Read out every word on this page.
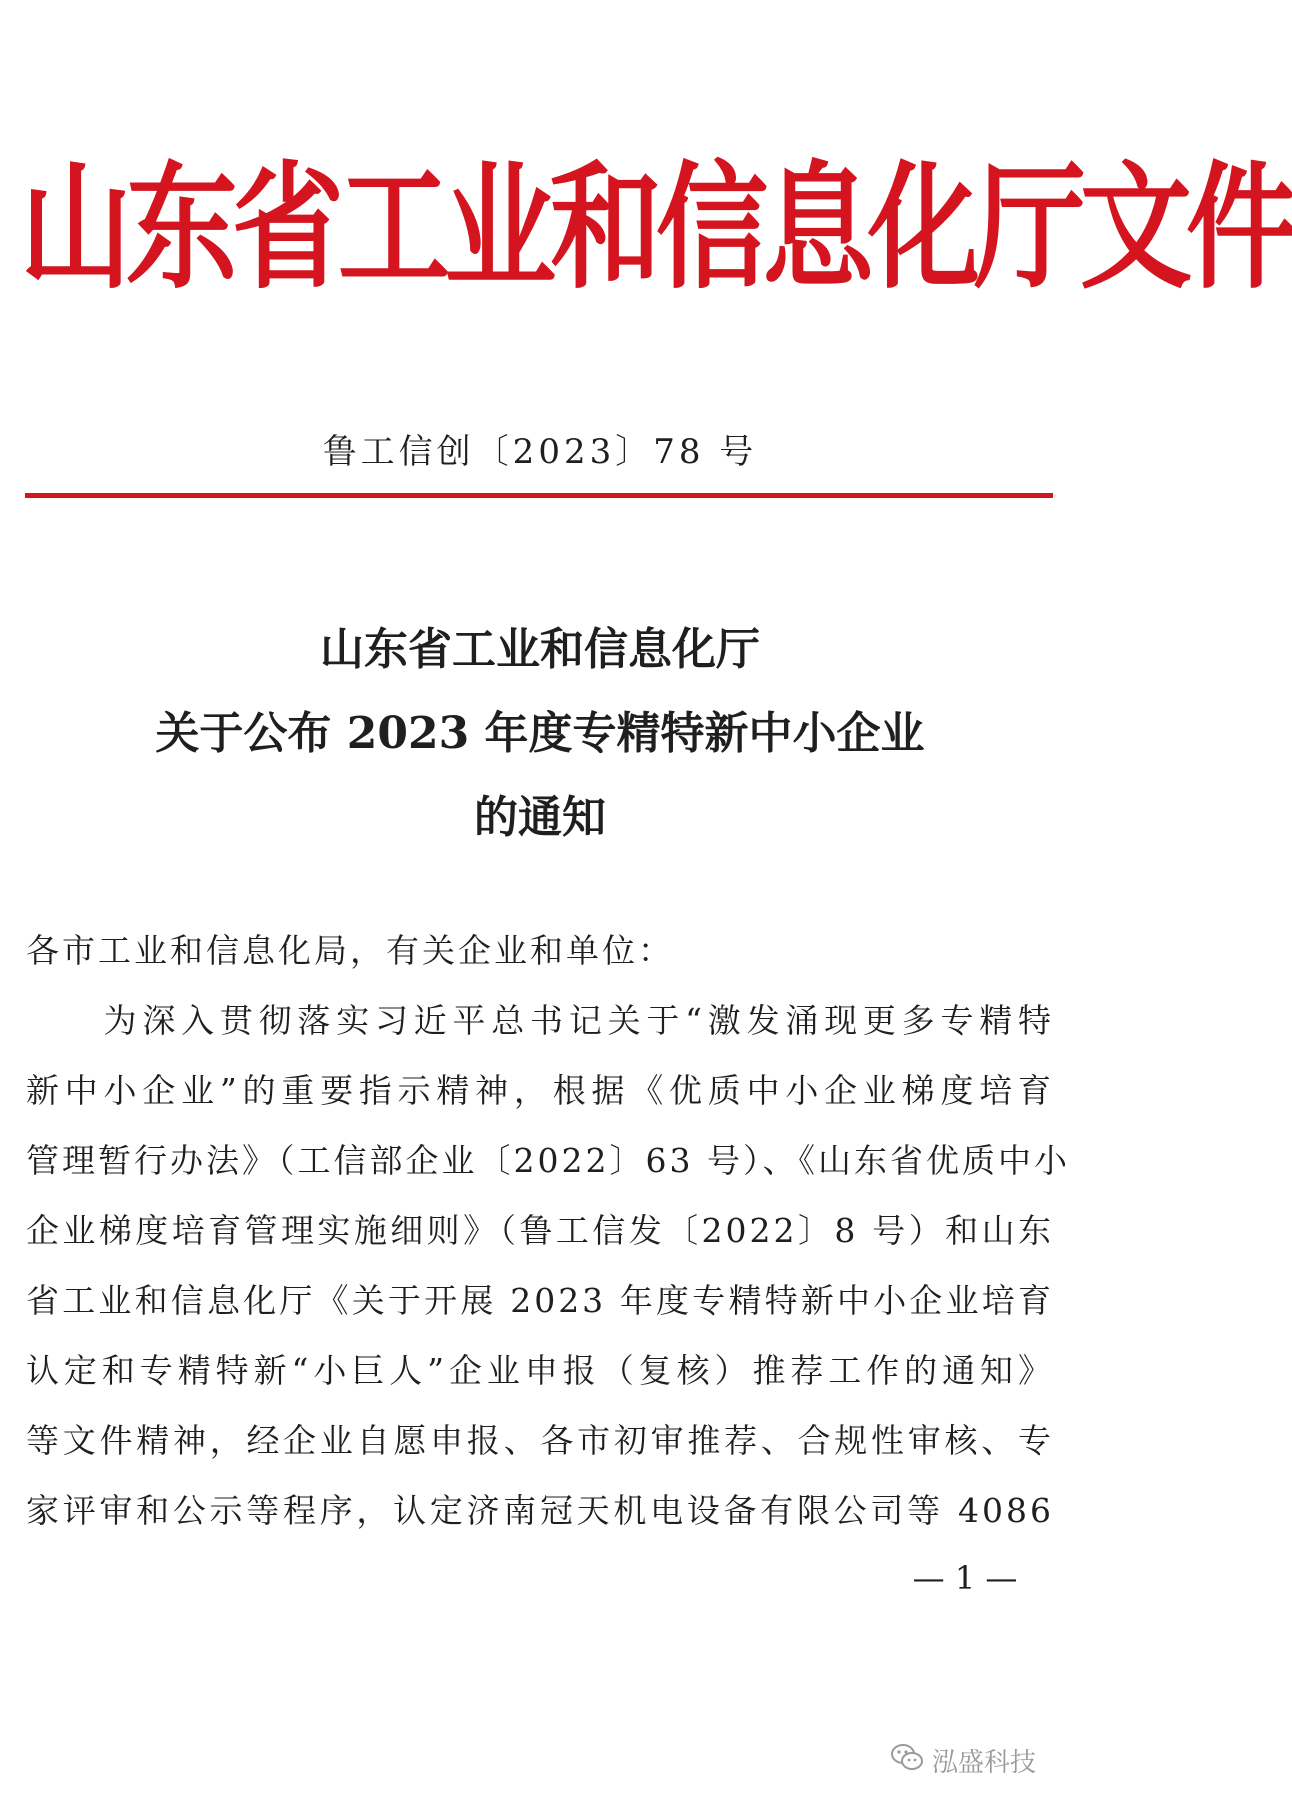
山东省工业和信息化厅文件
鲁工信创〔2023〕78 号
山东省工业和信息化厅
关于公布 2023 年度专精特新中小企业
的通知
各市工业和信息化局，有关企业和单位：
　　为深入贯彻落实习近平总书记关于“激发涌现更多专精特
新中小企业”的重要指示精神，根据《优质中小企业梯度培育
管理暂行办法》（工信部企业〔2022〕63 号）、《山东省优质中小
企业梯度培育管理实施细则》（鲁工信发〔2022〕8 号）和山东
省工业和信息化厅《关于开展 2023 年度专精特新中小企业培育
认定和专精特新“小巨人”企业申报（复核）推荐工作的通知》
等文件精神，经企业自愿申报、各市初审推荐、合规性审核、专
家评审和公示等程序，认定济南冠天机电设备有限公司等 4086
— 1 —
泓盛科技
